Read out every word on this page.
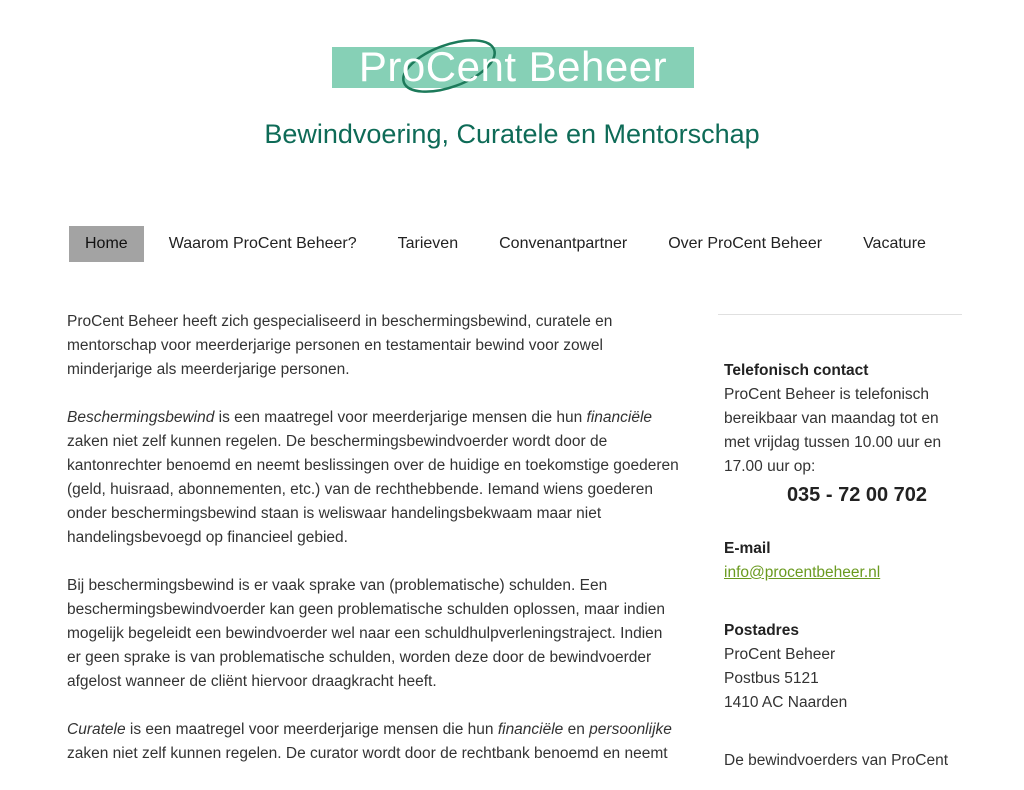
ProCent Beheer
Bewindvoering, Curatele en Mentorschap
Home	Waarom ProCent Beheer?	Tarieven	Convenantpartner	Over ProCent Beheer	Vacature

ProCent Beheer heeft zich gespecialiseerd in beschermingsbewind, curatele en mentorschap voor meerderjarige personen en testamentair bewind voor zowel minderjarige als meerderjarige personen.

Beschermingsbewind is een maatregel voor meerderjarige mensen die hun financiële zaken niet zelf kunnen regelen. De beschermingsbewindvoerder wordt door de kantonrechter benoemd en neemt beslissingen over de huidige en toekomstige goederen (geld, huisraad, abonnementen, etc.) van de rechthebbende. Iemand wiens goederen onder beschermingsbewind staan is weliswaar handelingsbekwaam maar niet handelingsbevoegd op financieel gebied.

Bij beschermingsbewind is er vaak sprake van (problematische) schulden. Een beschermingsbewindvoerder kan geen problematische schulden oplossen, maar indien mogelijk begeleidt een bewindvoerder wel naar een schuldhulpverleningstraject. Indien er geen sprake is van problematische schulden, worden deze door de bewindvoerder afgelost wanneer de cliënt hiervoor draagkracht heeft.

Curatele is een maatregel voor meerderjarige mensen die hun financiële en persoonlijke zaken niet zelf kunnen regelen. De curator wordt door de rechtbank benoemd en neemt

Telefonisch contact
ProCent Beheer is telefonisch bereikbaar van maandag tot en met vrijdag tussen 10.00 uur en 17.00 uur op:
035 - 72 00 702
E-mail
info@procentbeheer.nl
Postadres
ProCent Beheer
Postbus 5121
1410 AC Naarden
De bewindvoerders van ProCent
